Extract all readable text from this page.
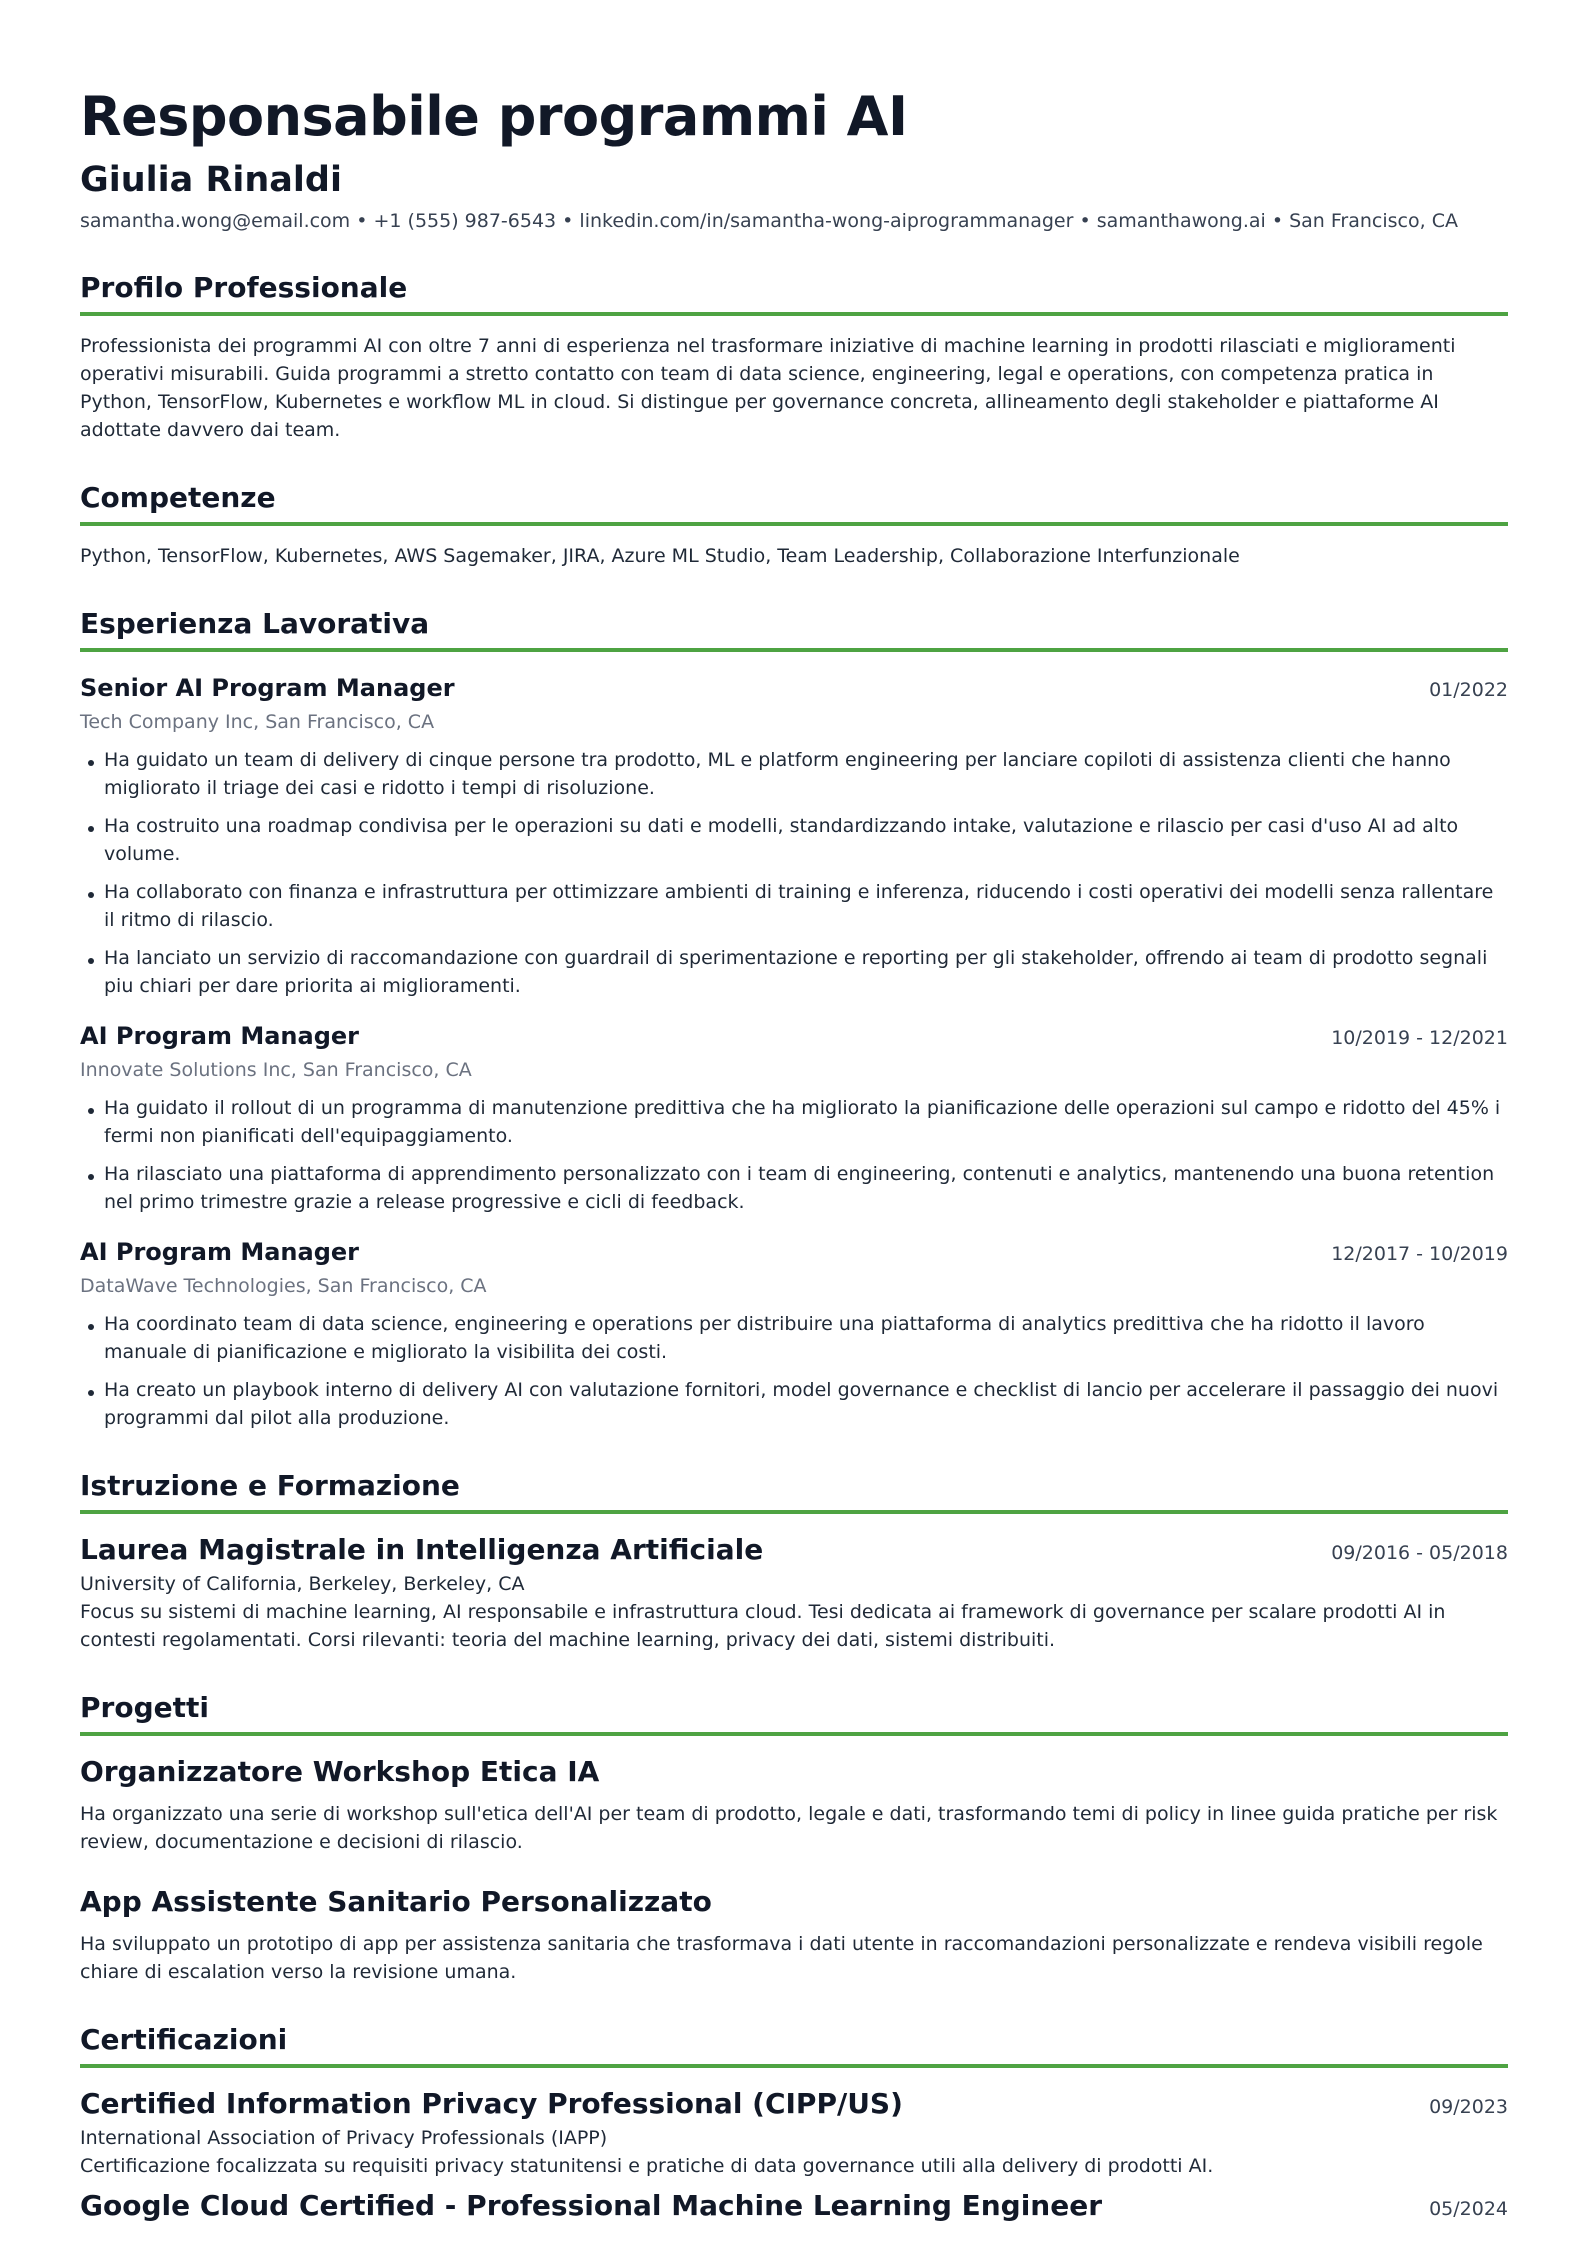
Responsabile programmi AI
Giulia Rinaldi
samantha.wong@email.com • +1 (555) 987-6543 • linkedin.com/in/samantha-wong-aiprogrammanager • samanthawong.ai • San Francisco, CA
Profilo Professionale
Professionista dei programmi AI con oltre 7 anni di esperienza nel trasformare iniziative di machine learning in prodotti rilasciati e miglioramenti operativi misurabili. Guida programmi a stretto contatto con team di data science, engineering, legal e operations, con competenza pratica in Python, TensorFlow, Kubernetes e workflow ML in cloud. Si distingue per governance concreta, allineamento degli stakeholder e piattaforme AI adottate davvero dai team.
Competenze
Python, TensorFlow, Kubernetes, AWS Sagemaker, JIRA, Azure ML Studio, Team Leadership, Collaborazione Interfunzionale
Esperienza Lavorativa
Senior AI Program Manager	01/2022
Tech Company Inc, San Francisco, CA
Ha guidato un team di delivery di cinque persone tra prodotto, ML e platform engineering per lanciare copiloti di assistenza clienti che hanno migliorato il triage dei casi e ridotto i tempi di risoluzione.
Ha costruito una roadmap condivisa per le operazioni su dati e modelli, standardizzando intake, valutazione e rilascio per casi d'uso AI ad alto volume.
Ha collaborato con finanza e infrastruttura per ottimizzare ambienti di training e inferenza, riducendo i costi operativi dei modelli senza rallentare il ritmo di rilascio.
Ha lanciato un servizio di raccomandazione con guardrail di sperimentazione e reporting per gli stakeholder, offrendo ai team di prodotto segnali piu chiari per dare priorita ai miglioramenti.
AI Program Manager	10/2019 - 12/2021
Innovate Solutions Inc, San Francisco, CA
Ha guidato il rollout di un programma di manutenzione predittiva che ha migliorato la pianificazione delle operazioni sul campo e ridotto del 45% i fermi non pianificati dell'equipaggiamento.
Ha rilasciato una piattaforma di apprendimento personalizzato con i team di engineering, contenuti e analytics, mantenendo una buona retention nel primo trimestre grazie a release progressive e cicli di feedback.
AI Program Manager	12/2017 - 10/2019
DataWave Technologies, San Francisco, CA
Ha coordinato team di data science, engineering e operations per distribuire una piattaforma di analytics predittiva che ha ridotto il lavoro manuale di pianificazione e migliorato la visibilita dei costi.
Ha creato un playbook interno di delivery AI con valutazione fornitori, model governance e checklist di lancio per accelerare il passaggio dei nuovi programmi dal pilot alla produzione.
Istruzione e Formazione
Laurea Magistrale in Intelligenza Artificiale	09/2016 - 05/2018
University of California, Berkeley, Berkeley, CA
Focus su sistemi di machine learning, AI responsabile e infrastruttura cloud. Tesi dedicata ai framework di governance per scalare prodotti AI in contesti regolamentati. Corsi rilevanti: teoria del machine learning, privacy dei dati, sistemi distribuiti.
Progetti
Organizzatore Workshop Etica IA
Ha organizzato una serie di workshop sull'etica dell'AI per team di prodotto, legale e dati, trasformando temi di policy in linee guida pratiche per risk review, documentazione e decisioni di rilascio.
App Assistente Sanitario Personalizzato
Ha sviluppato un prototipo di app per assistenza sanitaria che trasformava i dati utente in raccomandazioni personalizzate e rendeva visibili regole chiare di escalation verso la revisione umana.
Certificazioni
Certified Information Privacy Professional (CIPP/US)	09/2023
International Association of Privacy Professionals (IAPP)
Certificazione focalizzata su requisiti privacy statunitensi e pratiche di data governance utili alla delivery di prodotti AI.
Google Cloud Certified - Professional Machine Learning Engineer	05/2024
